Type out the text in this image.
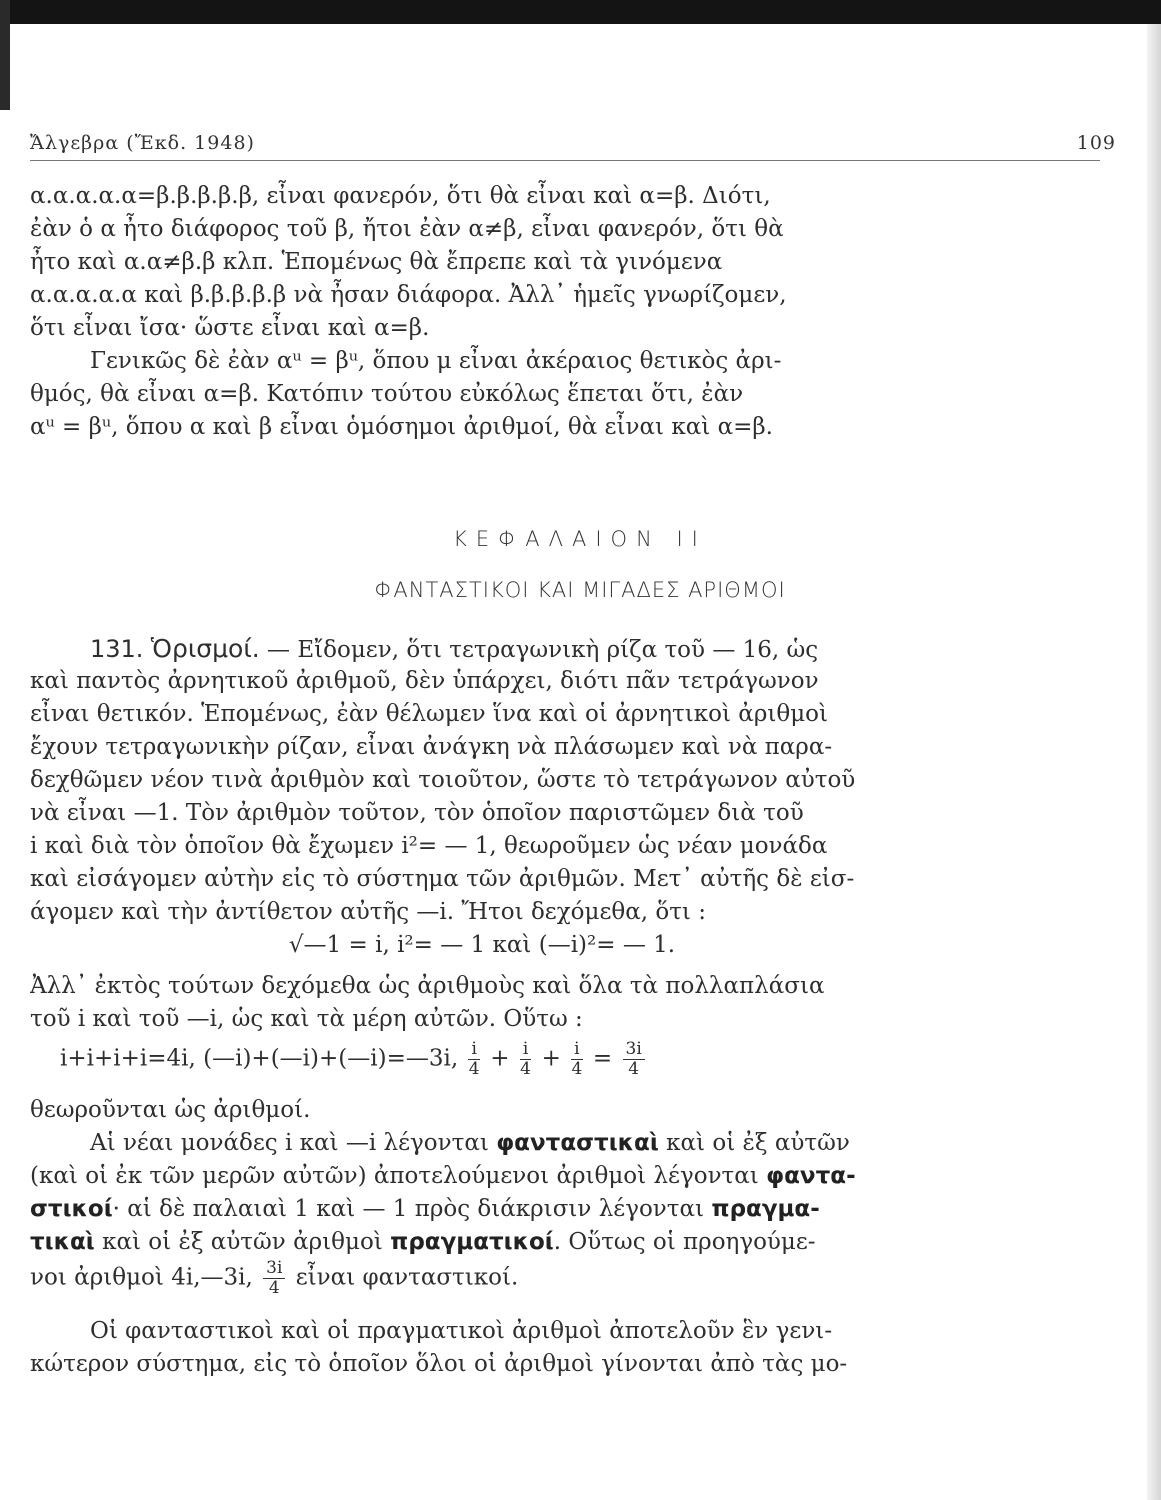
Ἄλγεβρα (Ἔκδ. 1948)	109
α.α.α.α.α=β.β.β.β.β, εἶναι φανερόν, ὅτι θὰ εἶναι καὶ α=β. Διότι,
ἐὰν ὁ α ἦτο διάφορος τοῦ β, ἤτοι ἐὰν α≠β, εἶναι φανερόν, ὅτι θὰ
ἦτο καὶ α.α≠β.β κλπ. Ἑπομένως θὰ ἔπρεπε καὶ τὰ γινόμενα
α.α.α.α.α καὶ β.β.β.β.β νὰ ἦσαν διάφορα. Ἀλλ᾽ ἡμεῖς γνωρίζομεν,
ὅτι εἶναι ἴσα· ὥστε εἶναι καὶ α=β.
Γενικῶς δὲ ἐὰν αᵘ = βᵘ, ὅπου μ εἶναι ἀκέραιος θετικὸς ἀρι-
θμός, θὰ εἶναι α=β. Κατόπιν τούτου εὐκόλως ἕπεται ὅτι, ἐὰν
αᵘ = βᵘ, ὅπου α καὶ β εἶναι ὁμόσημοι ἀριθμοί, θὰ εἶναι καὶ α=β.
ΚΕΦΑΛΑΙΟΝ ΙΙ
ΦΑΝΤΑΣΤΙΚΟΙ ΚΑΙ ΜΙΓΑΔΕΣ ΑΡΙΘΜΟΙ
131. Ὁρισμοί. — Εἴδομεν, ὅτι τετραγωνικὴ ρίζα τοῦ — 16, ὡς
καὶ παντὸς ἀρνητικοῦ ἀριθμοῦ, δὲν ὑπάρχει, διότι πᾶν τετράγωνον
εἶναι θετικόν. Ἑπομένως, ἐὰν θέλωμεν ἵνα καὶ οἱ ἀρνητικοὶ ἀριθμοὶ
ἔχουν τετραγωνικὴν ρίζαν, εἶναι ἀνάγκη νὰ πλάσωμεν καὶ νὰ παρα-
δεχθῶμεν νέον τινὰ ἀριθμὸν καὶ τοιοῦτον, ὥστε τὸ τετράγωνον αὐτοῦ
νὰ εἶναι —1. Τὸν ἀριθμὸν τοῦτον, τὸν ὁποῖον παριστῶμεν διὰ τοῦ
i καὶ διὰ τὸν ὁποῖον θὰ ἔχωμεν i²= — 1, θεωροῦμεν ὡς νέαν μονάδα
καὶ εἰσάγομεν αὐτὴν εἰς τὸ σύστημα τῶν ἀριθμῶν. Μετ᾽ αὐτῆς δὲ εἰσ-
άγομεν καὶ τὴν ἀντίθετον αὐτῆς —i. Ἤτοι δεχόμεθα, ὅτι :
√—1 = i, i²= — 1 καὶ (—i)²= — 1.
Ἀλλ᾽ ἐκτὸς τούτων δεχόμεθα ὡς ἀριθμοὺς καὶ ὅλα τὰ πολλαπλάσια
τοῦ i καὶ τοῦ —i, ὡς καὶ τὰ μέρη αὐτῶν. Οὕτω :
i+i+i+i=4i, (—i)+(—i)+(—i)=—3i, $\frac{i}{4} + \frac{i}{4} + \frac{i}{4} = \frac{3i}{4}$
θεωροῦνται ὡς ἀριθμοί.
Αἱ νέαι μονάδες i καὶ —i λέγονται φανταστικαὶ καὶ οἱ ἐξ αὐτῶν
(καὶ οἱ ἐκ τῶν μερῶν αὐτῶν) ἀποτελούμενοι ἀριθμοὶ λέγονται φαντα-
στικοί· αἱ δὲ παλαιαὶ 1 καὶ — 1 πρὸς διάκρισιν λέγονται πραγμα-
τικαὶ καὶ οἱ ἐξ αὐτῶν ἀριθμοὶ πραγματικοί. Οὕτως οἱ προηγούμε-
νοι ἀριθμοὶ 4i,—3i, $\frac{3i}{4}$ εἶναι φανταστικοί.
Οἱ φανταστικοὶ καὶ οἱ πραγματικοὶ ἀριθμοὶ ἀποτελοῦν ἓν γενι-
κώτερον σύστημα, εἰς τὸ ὁποῖον ὅλοι οἱ ἀριθμοὶ γίνονται ἀπὸ τὰς μο-
